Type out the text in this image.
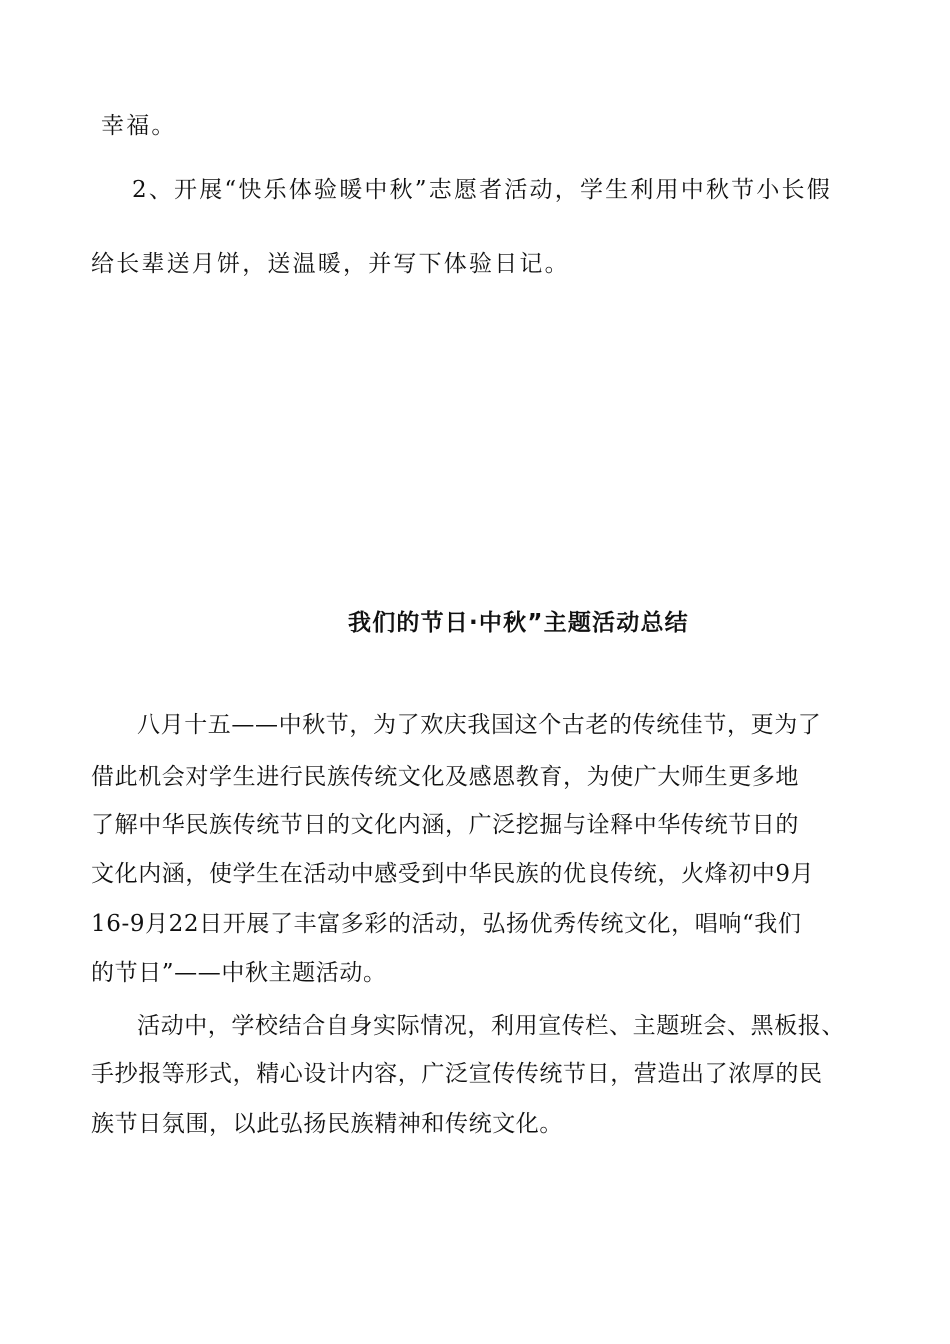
幸福。
2、开展“快乐体验暖中秋”志愿者活动，学生利用中秋节小长假
给长辈送月饼，送温暖，并写下体验日记。
我们的节日·中秋”主题活动总结
八月十五——中秋节，为了欢庆我国这个古老的传统佳节，更为了
借此机会对学生进行民族传统文化及感恩教育，为使广大师生更多地
了解中华民族传统节日的文化内涵，广泛挖掘与诠释中华传统节日的
文化内涵，使学生在活动中感受到中华民族的优良传统，火烽初中9月
16-9月22日开展了丰富多彩的活动，弘扬优秀传统文化，唱响“我们
的节日”——中秋主题活动。
活动中，学校结合自身实际情况，利用宣传栏、主题班会、黑板报、
手抄报等形式，精心设计内容，广泛宣传传统节日，营造出了浓厚的民
族节日氛围，以此弘扬民族精神和传统文化。
